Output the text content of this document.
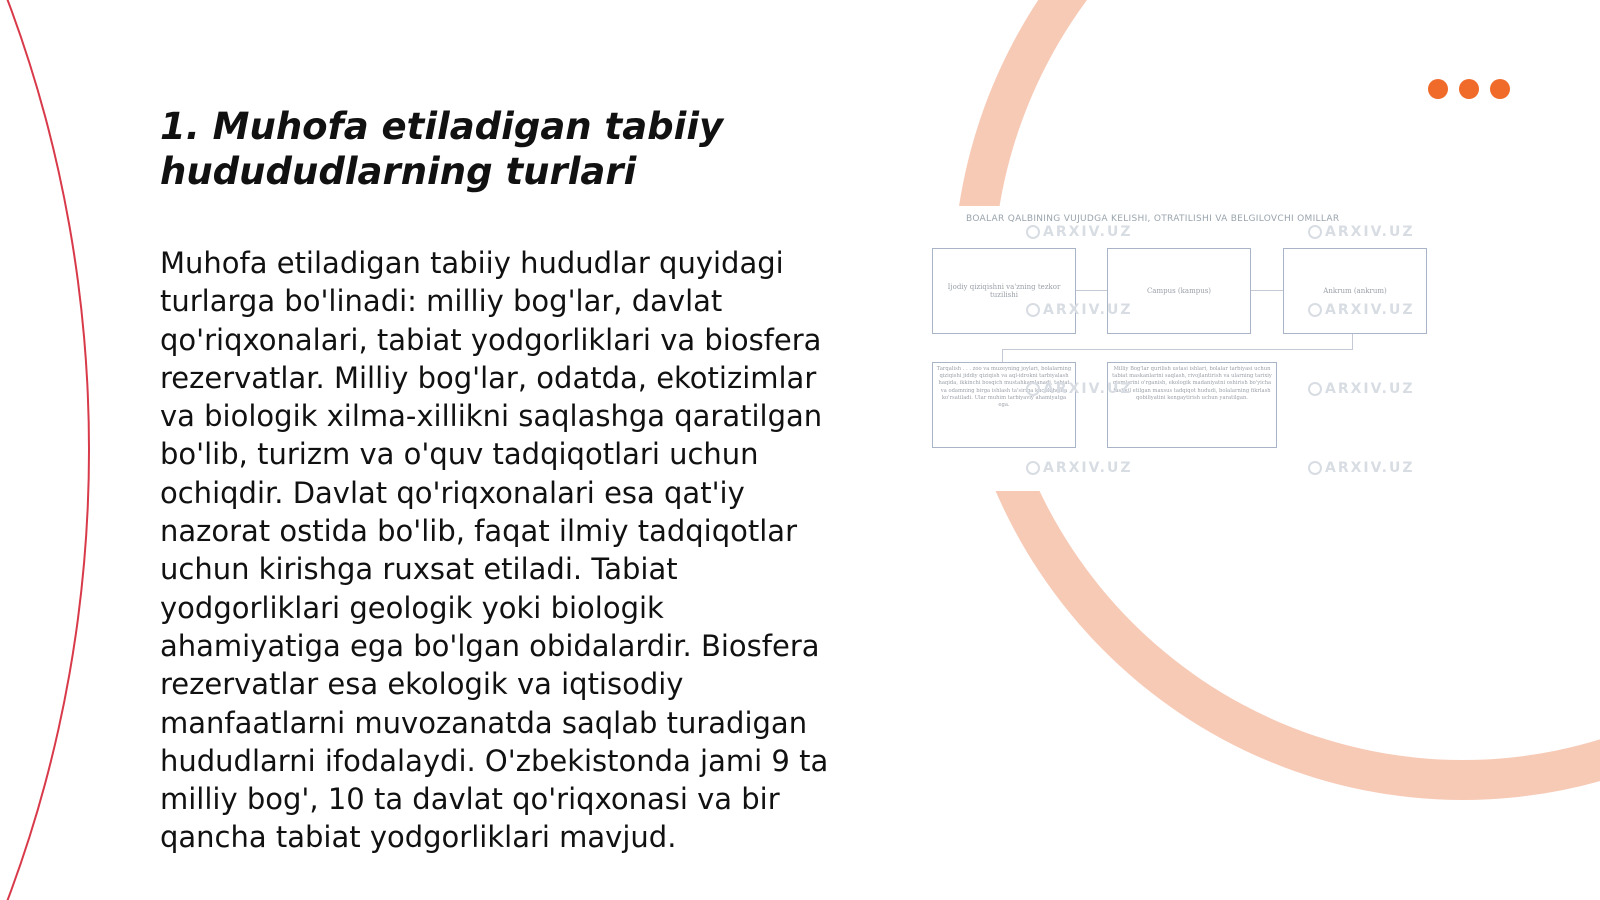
1. Muhofa etiladigan tabiiy hudududlarning turlari

Muhofa etiladigan tabiiy hududlar quyidagi turlarga bo'linadi: milliy bog'lar, davlat qo'riqxonalari, tabiat yodgorliklari va biosfera rezervatlar. Milliy bog'lar, odatda, ekotizimlar va biologik xilma-xillikni saqlashga qaratilgan bo'lib, turizm va o'quv tadqiqotlari uchun ochiqdir. Davlat qo'riqxonalari esa qat'iy nazorat ostida bo'lib, faqat ilmiy tadqiqotlar uchun kirishga ruxsat etiladi. Tabiat yodgorliklari geologik yoki biologik ahamiyatiga ega bo'lgan obidalardir. Biosfera rezervatlar esa ekologik va iqtisodiy manfaatlarni muvozanatda saqlab turadigan hududlarni ifodalaydi. O'zbekistonda jami 9 ta milliy bog', 10 ta davlat qo'riqxonasi va bir qancha tabiat yodgorliklari mavjud.

BOALAR QALBINING VUJUDGA KELISHI, OTRATILISHI VA BELGILOVCHI OMILLAR
Ijodiy qiziqishni va'zning tezkor tuzilishi	Campus (kampus)	Ankrum (ankrum)
Tarqalish . . . zoo va muzeyning joylari, bolalarning qiziqishi jiddiy qiziqish va aql-idrokni tarbiyalash haqida, ikkinchi bosqich mustahkamlanadi, tabiat va odamning birga ishlash ta'siriga kuchli holda ko'rsatiladi. Ular muhim tarbiyaviy ahamiyatga ega.
Milliy Bog'lar qurilish ustasi ishlari, bolalar tarbiyasi uchun tabiat maskanlarini saqlash, rivojlantirish va ularning tarixiy qismlarini o'rganish, ekologik madaniyatni oshirish bo'yicha tashkil etilgan maxsus tadqiqot hududi, bolalarning fikrlash qobiliyatini kengaytirish uchun yaratilgan.
ARXIV.UZ	ARXIV.UZ
ARXIV.UZ	ARXIV.UZ
ARXIV.UZ	ARXIV.UZ
ARXIV.UZ	ARXIV.UZ
